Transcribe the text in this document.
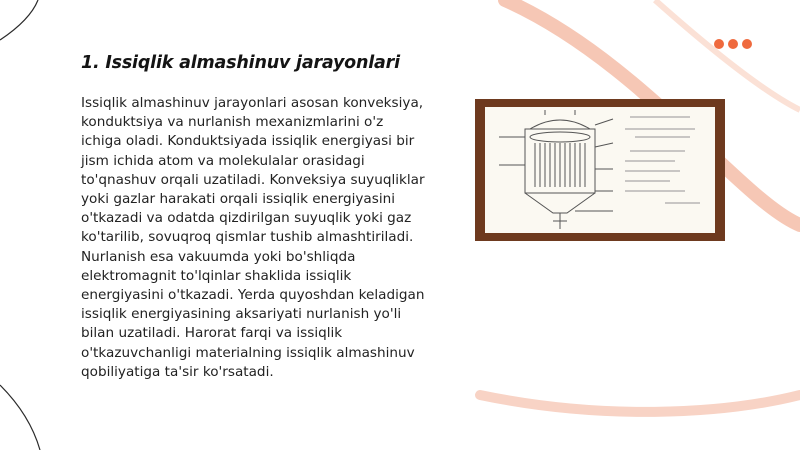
1. Issiqlik almashinuv jarayonlari

Issiqlik almashinuv jarayonlari asosan konveksiya, konduktsiya va nurlanish mexanizmlarini o'z ichiga oladi. Konduktsiyada issiqlik energiyasi bir jism ichida atom va molekulalar orasidagi to'qnashuv orqali uzatiladi. Konveksiya suyuqliklar yoki gazlar harakati orqali issiqlik energiyasini o'tkazadi va odatda qizdirilgan suyuqlik yoki gaz ko'tarilib, sovuqroq qismlar tushib almashtiriladi. Nurlanish esa vakuumda yoki bo'shliqda elektromagnit to'lqinlar shaklida issiqlik energiyasini o'tkazadi. Yerda quyoshdan keladigan issiqlik energiyasining aksariyati nurlanish yo'li bilan uzatiladi. Harorat farqi va issiqlik o'tkazuvchanligi materialning issiqlik almashinuv qobiliyatiga ta'sir ko'rsatadi.
